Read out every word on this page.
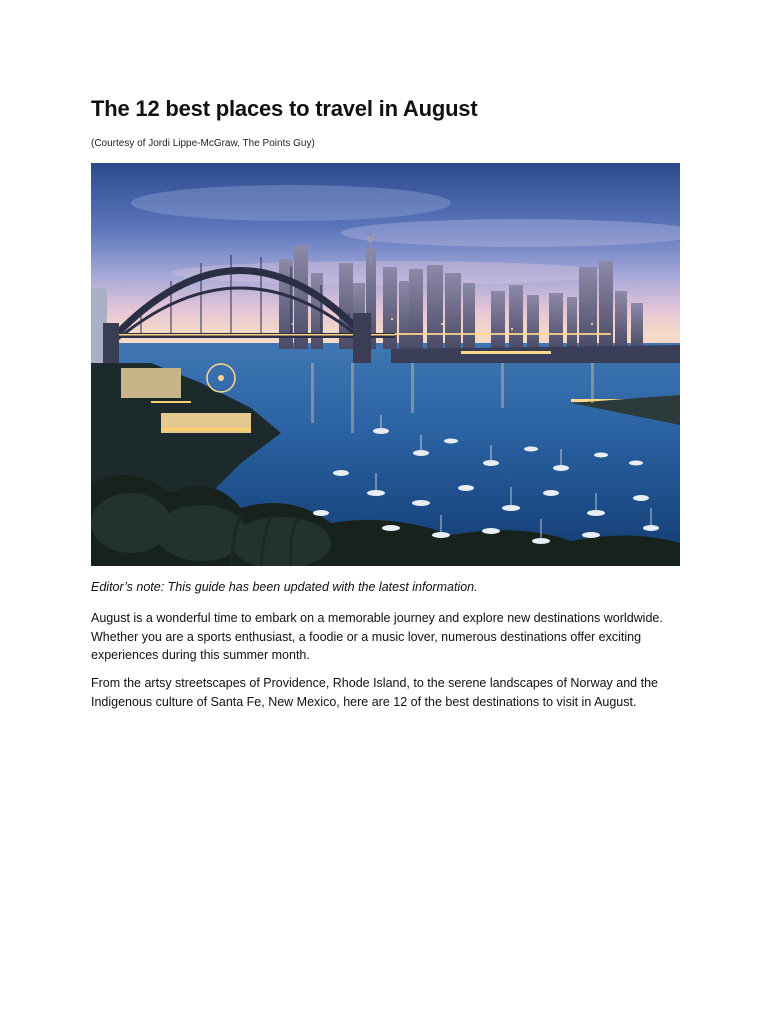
The 12 best places to travel in August

(Courtesy of Jordi Lippe-McGraw, The Points Guy)

Editor’s note: This guide has been updated with the latest information.

August is a wonderful time to embark on a memorable journey and explore new destinations worldwide. Whether you are a sports enthusiast, a foodie or a music lover, numerous destinations offer exciting experiences during this summer month.

From the artsy streetscapes of Providence, Rhode Island, to the serene landscapes of Norway and the Indigenous culture of Santa Fe, New Mexico, here are 12 of the best destinations to visit in August.
